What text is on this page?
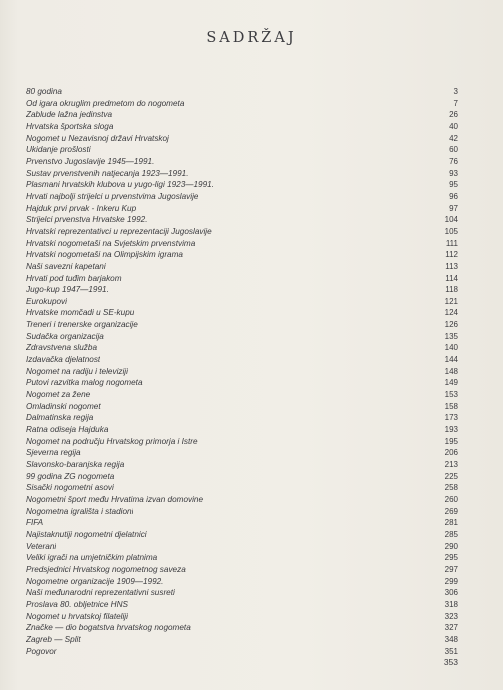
SADRŽAJ
80 godina	3
Od igara okruglim predmetom do nogometa	7
Zablude lažna jedinstva	26
Hrvatska športska sloga	40
Nogomet u Nezavisnoj državi Hrvatskoj	42
Ukidanje prošlosti	60
Prvenstvo Jugoslavije 1945—1991.	76
Sustav prvenstvenih natjecanja 1923—1991.	93
Plasmani hrvatskih klubova u yugo-ligi 1923—1991.	95
Hrvati najbolji strijelci u prvenstvima Jugoslavije	96
Hajduk prvi prvak - Inkeru Kup	97
Strijelci prvenstva Hrvatske 1992.	104
Hrvatski reprezentativci u reprezentaciji Jugoslavije	105
Hrvatski nogometaši na Svjetskim prvenstvima	111
Hrvatski nogometaši na Olimpijskim igrama	112
Naši savezni kapetani	113
Hrvati pod tuđim barjakom	114
Jugo-kup 1947—1991.	118
Eurokupovi	121
Hrvatske momčadi u SE-kupu	124
Treneri i trenerske organizacije	126
Sudačka organizacija	135
Zdravstvena služba	140
Izdavačka djelatnost	144
Nogomet na radiju i televiziji	148
Putovi razvitka malog nogometa	149
Nogomet za žene	153
Omladinski nogomet	158
Dalmatinska regija	173
Ratna odiseja Hajduka	193
Nogomet na području Hrvatskog primorja i Istre	195
Sjeverna regija	206
Slavonsko-baranjska regija	213
99 godina ZG nogometa	225
Sisački nogometni asovi	258
Nogometni šport među Hrvatima izvan domovine	260
Nogometna igrališta i stadioni	269
FIFA	281
Najistaknutiji nogometni djelatnici	285
Veterani	290
Veliki igrači na umjetničkim platnima	295
Predsjednici Hrvatskog nogometnog saveza	297
Nogometne organizacije 1909—1992.	299
Naši međunarodni reprezentativni susreti	306
Proslava 80. obljetnice HNS	318
Nogomet u hrvatskoj filateliji	323
Značke — dio bogatstva hrvatskog nogometa	327
Zagreb — Split	348
Pogovor	351
353
